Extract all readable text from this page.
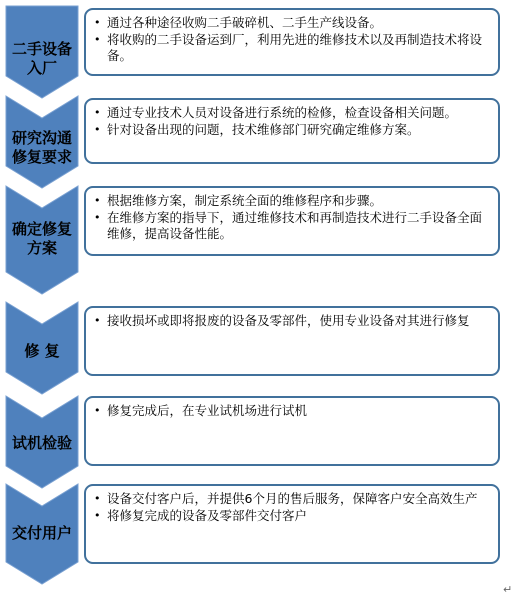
二手设备
入厂
• 通过各种途径收购二手破碎机、二手生产线设备。
• 将收购的二手设备运到厂，利用先进的维修技术以及再制造技术将设备。
研究沟通
修复要求
• 通过专业技术人员对设备进行系统的检修，检查设备相关问题。
• 针对设备出现的问题，技术维修部门研究确定维修方案。
确定修复
方案
• 根据维修方案，制定系统全面的维修程序和步骤。
• 在维修方案的指导下，通过维修技术和再制造技术进行二手设备全面维修，提高设备性能。
修 复
• 接收损坏或即将报废的设备及零部件，使用专业设备对其进行修复
试机检验
• 修复完成后，在专业试机场进行试机
交付用户
• 设备交付客户后，并提供6个月的售后服务，保障客户安全高效生产
• 将修复完成的设备及零部件交付客户
↵
